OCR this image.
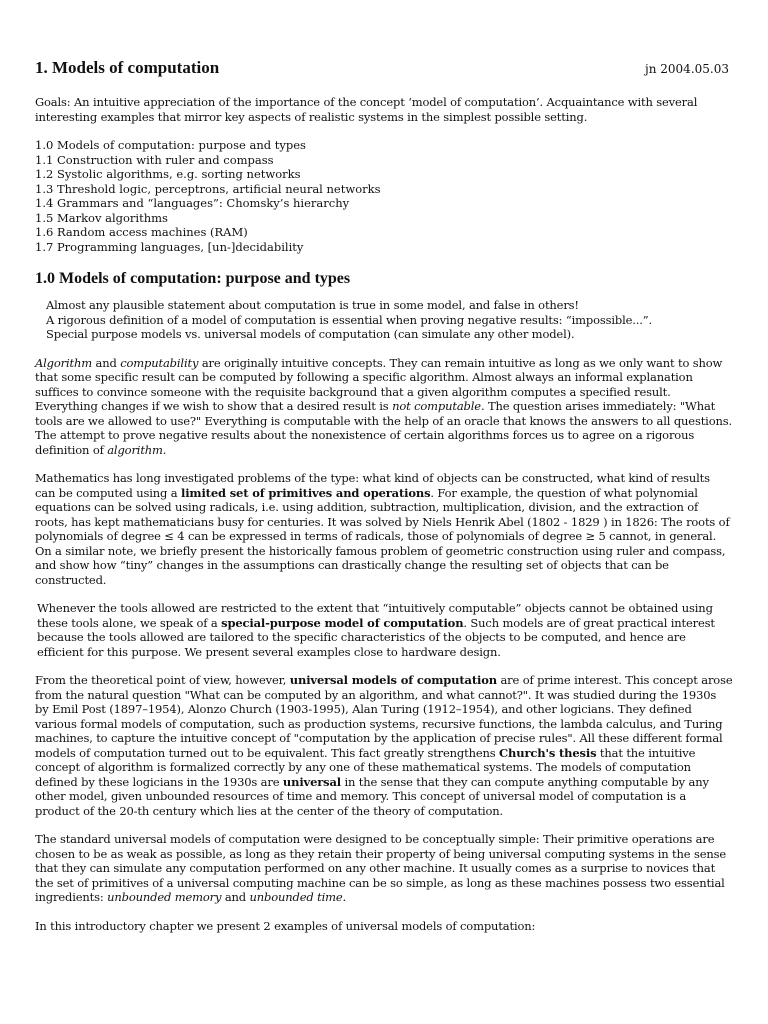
1. Models of computation	jn 2004.05.03

Goals: An intuitive appreciation of the importance of the concept ‘model of computation’. Acquaintance with several interesting examples that mirror key aspects of realistic systems in the simplest possible setting.

1.0 Models of computation: purpose and types
1.1 Construction with ruler and compass
1.2 Systolic algorithms, e.g. sorting networks
1.3 Threshold logic, perceptrons, artificial neural networks
1.4 Grammars and “languages”: Chomsky’s hierarchy
1.5 Markov algorithms
1.6 Random access machines (RAM)
1.7 Programming languages, [un-]decidability
1.0 Models of computation: purpose and types

Almost any plausible statement about computation is true in some model, and false in others!

A rigorous definition of a model of computation is essential when proving negative results: “impossible...”.

Special purpose models vs. universal models of computation (can simulate any other model).

Algorithm and computability are originally intuitive concepts. They can remain intuitive as long as we only want to show that some specific result can be computed by following a specific algorithm. Almost always an informal explanation suffices to convince someone with the requisite background that a given algorithm computes a specified result. Everything changes if we wish to show that a desired result is not computable. The question arises immediately: "What tools are we allowed to use?" Everything is computable with the help of an oracle that knows the answers to all questions. The attempt to prove negative results about the nonexistence of certain algorithms forces us to agree on a rigorous definition of algorithm.

Mathematics has long investigated problems of the type: what kind of objects can be constructed, what kind of results can be computed using a limited set of primitives and operations. For example, the question of what polynomial equations can be solved using radicals, i.e. using addition, subtraction, multiplication, division, and the extraction of roots, has kept mathematicians busy for centuries. It was solved by Niels Henrik Abel (1802 - 1829 ) in 1826: The roots of polynomials of degree ≤ 4 can be expressed in terms of radicals, those of polynomials of degree ≥ 5 cannot, in general. On a similar note, we briefly present the historically famous problem of geometric construction using ruler and compass, and show how “tiny” changes in the assumptions can drastically change the resulting set of objects that can be constructed.

Whenever the tools allowed are restricted to the extent that “intuitively computable” objects cannot be obtained using these tools alone, we speak of a special-purpose model of computation. Such models are of great practical interest because the tools allowed are tailored to the specific characteristics of the objects to be computed, and hence are efficient for this purpose. We present several examples close to hardware design.

From the theoretical point of view, however, universal models of computation are of prime interest. This concept arose from the natural question "What can be computed by an algorithm, and what cannot?". It was studied during the 1930s by Emil Post (1897–1954), Alonzo Church (1903-1995), Alan Turing (1912–1954), and other logicians. They defined various formal models of computation, such as production systems, recursive functions, the lambda calculus, and Turing machines, to capture the intuitive concept of "computation by the application of precise rules". All these different formal models of computation turned out to be equivalent. This fact greatly strengthens Church's thesis that the intuitive concept of algorithm is formalized correctly by any one of these mathematical systems. The models of computation defined by these logicians in the 1930s are universal in the sense that they can compute anything computable by any other model, given unbounded resources of time and memory. This concept of universal model of computation is a product of the 20-th century which lies at the center of the theory of computation.

The standard universal models of computation were designed to be conceptually simple: Their primitive operations are chosen to be as weak as possible, as long as they retain their property of being universal computing systems in the sense that they can simulate any computation performed on any other machine. It usually comes as a surprise to novices that the set of primitives of a universal computing machine can be so simple, as long as these machines possess two essential ingredients: unbounded memory and unbounded time.

In this introductory chapter we present 2 examples of universal models of computation:
